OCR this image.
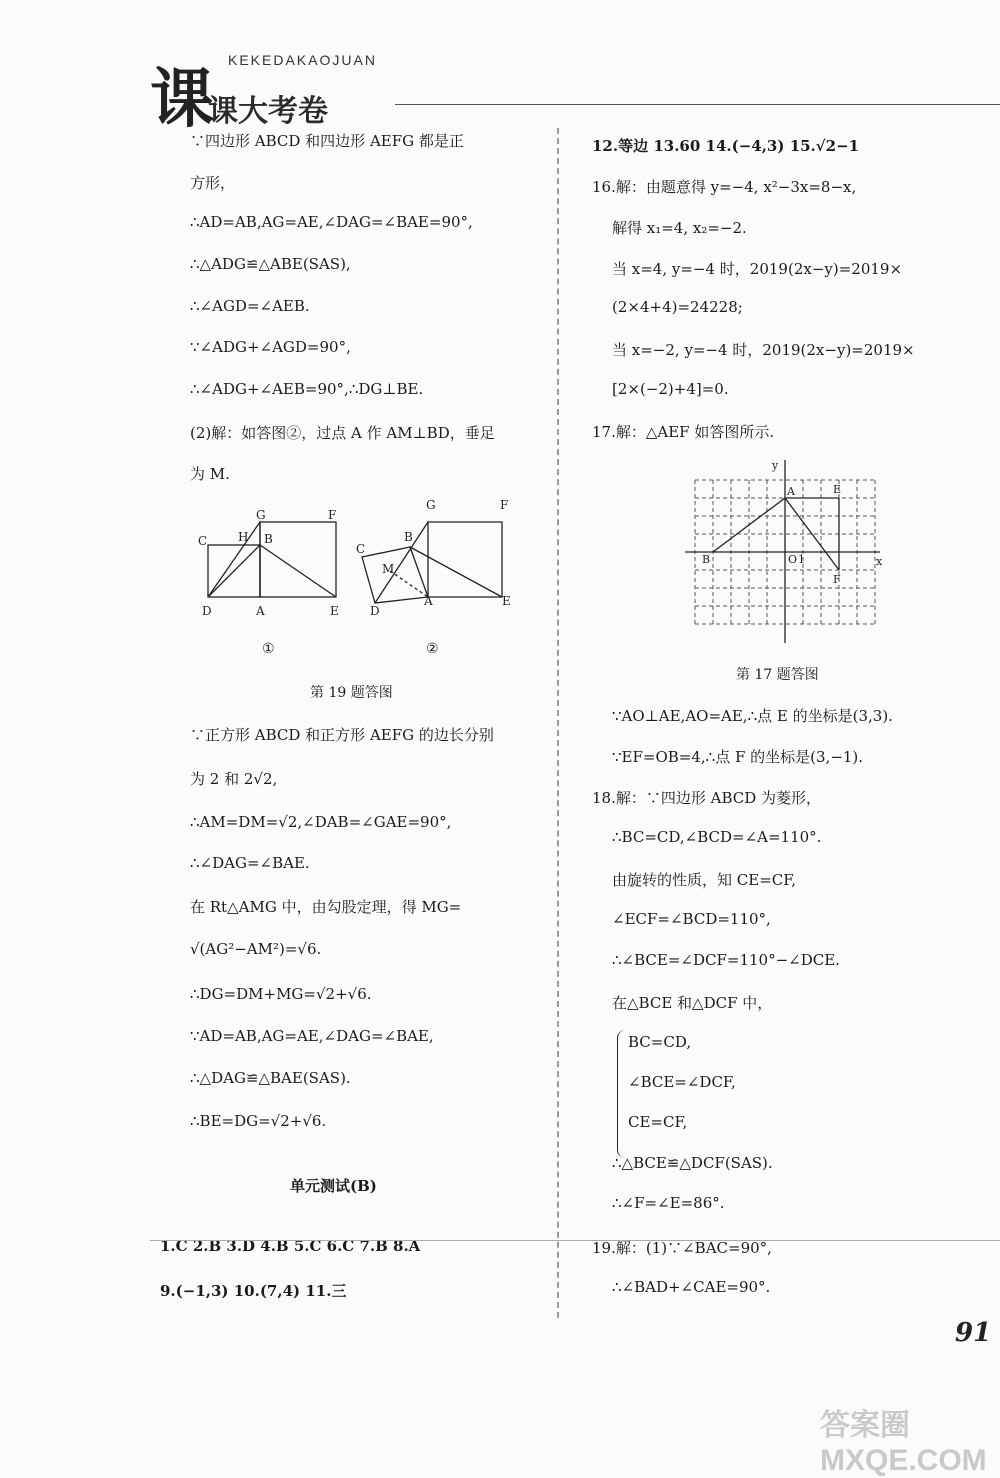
课
KEKEDAKAOJUAN
课大考卷
∵四边形 ABCD 和四边形 AEFG 都是正
方形，
∴AD=AB,AG=AE,∠DAG=∠BAE=90°,
∴△ADG≌△ABE(SAS),
∴∠AGD=∠AEB.
∵∠ADG+∠AGD=90°,
∴∠ADG+∠AEB=90°,∴DG⊥BE.
(2)解：如答图②，过点 A 作 AM⊥BD，垂足
为 M.
C	H
G
B
F
D	A	E
C
B
G	F
M
D
A	E
①	②
第 19 题答图
∵正方形 ABCD 和正方形 AEFG 的边长分别
为 2 和 2√2,
∴AM=DM=√2,∠DAB=∠GAE=90°,
∴∠DAG=∠BAE.
在 Rt△AMG 中，由勾股定理，得 MG=
√(AG²−AM²)=√6.
∴DG=DM+MG=√2+√6.
∵AD=AB,AG=AE,∠DAG=∠BAE,
∴△DAG≌△BAE(SAS).
∴BE=DG=√2+√6.
单元测试(B)
1.C 2.B 3.D 4.B 5.C 6.C 7.B 8.A
9.(−1,3) 10.(7,4) 11.三
12.等边 13.60 14.(−4,3) 15.√2−1
16.解：由题意得 y=−4, x²−3x=8−x,
解得 x₁=4, x₂=−2.
当 x=4, y=−4 时，2019(2x−y)=2019×
(2×4+4)=24228;
当 x=−2, y=−4 时，2019(2x−y)=2019×
[2×(−2)+4]=0.
17.解：△AEF 如答图所示.
y
x
A	E
B	O 1
F
第 17 题答图
∵AO⊥AE,AO=AE,∴点 E 的坐标是(3,3).
∵EF=OB=4,∴点 F 的坐标是(3,−1).
18.解：∵四边形 ABCD 为菱形，
∴BC=CD,∠BCD=∠A=110°.
由旋转的性质，知 CE=CF,
∠ECF=∠BCD=110°,
∴∠BCE=∠DCF=110°−∠DCE.
在△BCE 和△DCF 中，
BC=CD,
∠BCE=∠DCF,
CE=CF,
∴△BCE≌△DCF(SAS).
∴∠F=∠E=86°.
19.解：(1)∵∠BAC=90°,
∴∠BAD+∠CAE=90°.
91
答案圈 MXQE.COM
